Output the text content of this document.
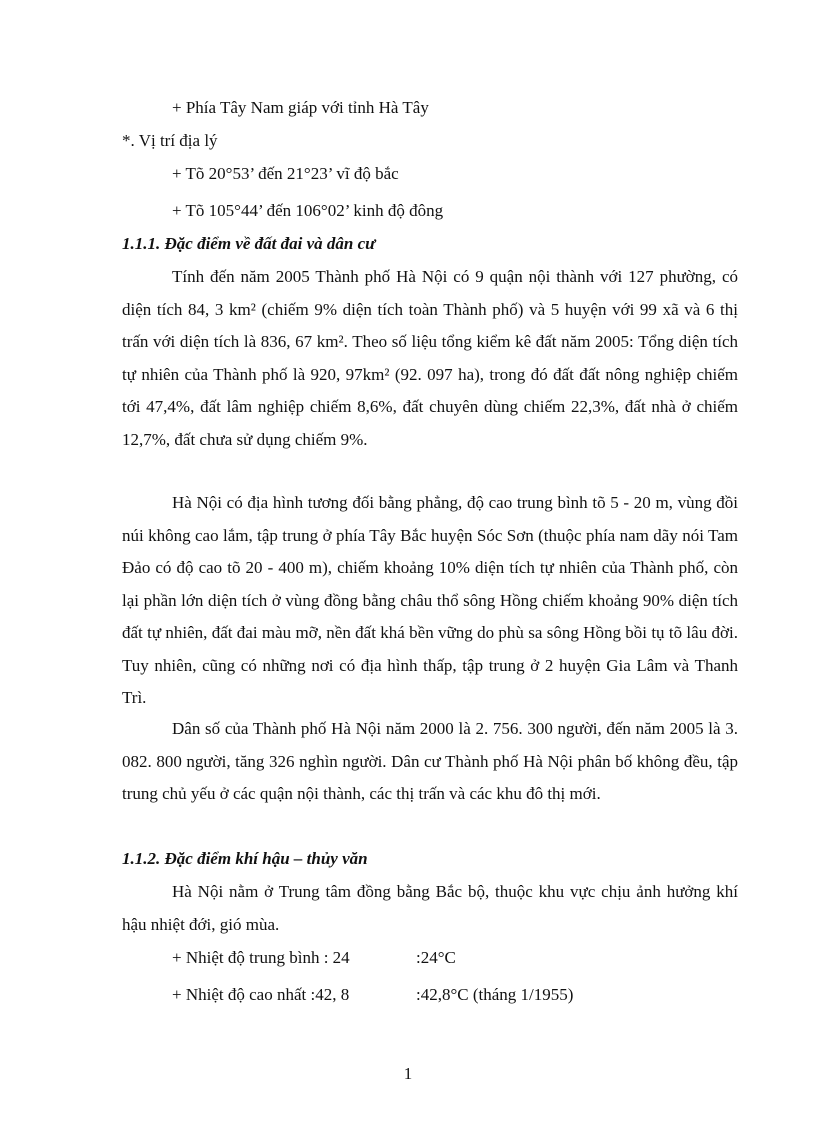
+ Phía Tây Nam giáp với tỉnh Hà Tây
*. Vị trí địa lý
+ Tõ 20°53’ đến 21°23’ vĩ độ bắc
+ Tõ 105°44’ đến 106°02’ kinh độ đông
1.1.1. Đặc điểm về đất đai và dân cư

Tính đến năm 2005 Thành phố Hà Nội có 9 quận nội thành với 127 phường, có diện tích 84, 3 km² (chiếm 9% diện tích toàn Thành phố) và 5 huyện với 99 xã và 6 thị trấn với diện tích là 836, 67 km². Theo số liệu tổng kiểm kê đất năm 2005: Tổng diện tích tự nhiên của Thành phố là 920, 97km² (92. 097 ha), trong đó đất đất nông nghiệp chiếm tới 47,4%, đất lâm nghiệp chiếm 8,6%, đất chuyên dùng chiếm 22,3%, đất nhà ở chiếm 12,7%, đất chưa sử dụng chiếm 9%.

Hà Nội có địa hình tương đối bằng phẳng, độ cao trung bình tõ 5 - 20 m, vùng đồi núi không cao lắm, tập trung ở phía Tây Bắc huyện Sóc Sơn (thuộc phía nam dãy nói Tam Đảo có độ cao tõ 20 - 400 m), chiếm khoảng 10% diện tích tự nhiên của Thành phố, còn lại phần lớn diện tích ở vùng đồng bằng châu thổ sông Hồng chiếm khoảng 90% diện tích đất tự nhiên, đất đai màu mỡ, nền đất khá bền vững do phù sa sông Hồng bồi tụ tõ lâu đời. Tuy nhiên, cũng có những nơi có địa hình thấp, tập trung ở 2 huyện Gia Lâm và Thanh Trì.

Dân số của Thành phố Hà Nội năm 2000 là 2. 756. 300 người, đến năm 2005 là 3. 082. 800 người, tăng 326 nghìn người. Dân cư Thành phố Hà Nội phân bố không đều, tập trung chủ yếu ở các quận nội thành, các thị trấn và các khu đô thị mới.

1.1.2. Đặc điểm khí hậu – thủy văn

Hà Nội nằm ở Trung tâm đồng bằng Bắc bộ, thuộc khu vực chịu ảnh hưởng khí hậu nhiệt đới, gió mùa.

+ Nhiệt độ trung bình : 24	:24°C
+ Nhiệt độ cao nhất :42, 8	:42,8°C (tháng 1/1955)
1
